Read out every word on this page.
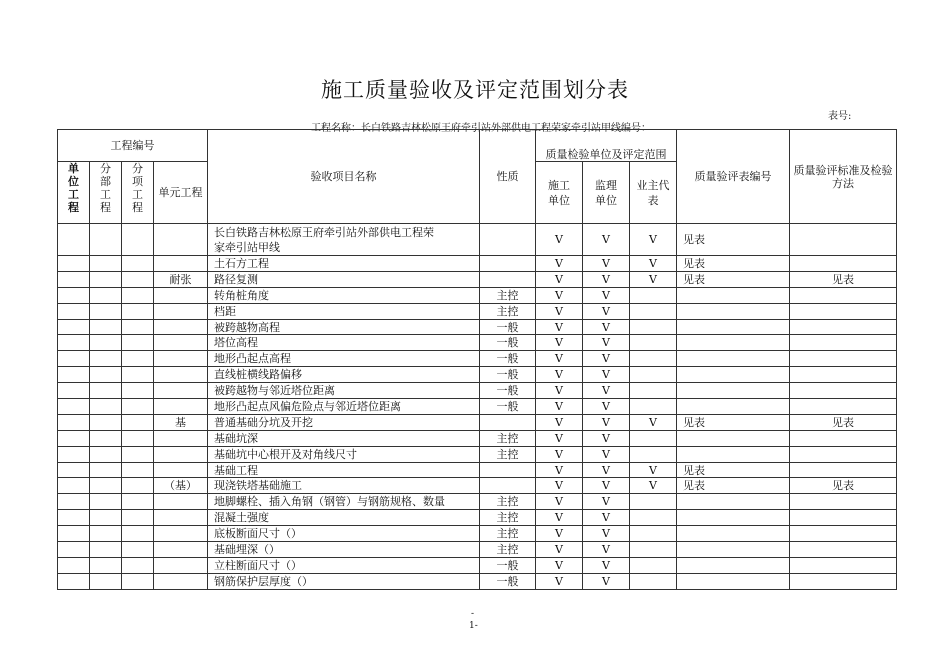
施工质量验收及评定范围划分表
表号:
工程名称：长白铁路吉林松原王府牵引站外部供电工程荣家牵引站甲线编号：
工程编号				验收项目名称	性质	质量检验单位及评定范围			质量验评表编号	质量验评标准及检验方法

单位工程	分部工程	分项工程	单元工程			施工单位	监理单位	业主代表		

				长白铁路吉林松原王府牵引站外部供电工程荣家牵引站甲线		V	V	V	见表	
				土石方工程		V	V	V	见表	
			耐张	路径复测		V	V	V	见表	见表
				转角桩角度	主控	V	V			
				档距	主控	V	V			
				被跨越物高程	一般	V	V			
				塔位高程	一般	V	V			
				地形凸起点高程	一般	V	V			
				直线桩横线路偏移	一般	V	V			
				被跨越物与邻近塔位距离	一般	V	V			
				地形凸起点风偏危险点与邻近塔位距离	一般	V	V			
			基	普通基础分坑及开挖		V	V	V	见表	见表
				基础坑深	主控	V	V			
				基础坑中心根开及对角线尺寸	主控	V	V			
				基础工程		V	V	V	见表	
			（基）	现浇铁塔基础施工		V	V	V	见表	见表
				地脚螺栓、插入角钢（钢管）与钢筋规格、数量	主控	V	V			
				混凝土强度	主控	V	V			
				底板断面尺寸（）	主控	V	V			
				基础埋深（）	主控	V	V			
				立柱断面尺寸（）	一般	V	V			
				钢筋保护层厚度（）	一般	V	V			
-
1-
